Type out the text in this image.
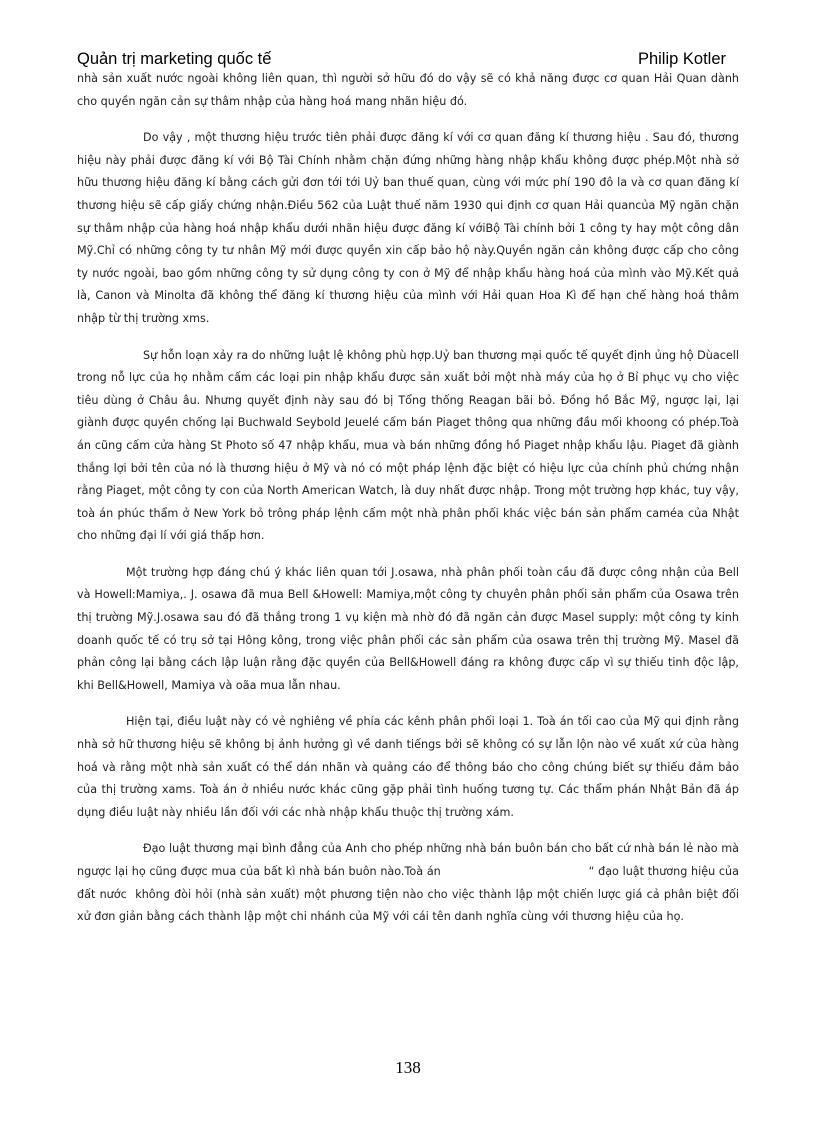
Quản trị marketing quốc tế	Philip Kotler

nhà sản xuất nước ngoài không liên quan, thì người sở hữu đó do vậy sẽ có khả năng được cơ quan Hải Quan dành cho quyền ngăn cản sự thâm nhập của hàng hoá mang nhãn hiệu đó.

Do vậy , một thương hiệu trước tiên phải được đăng kí với cơ quan đăng kí thương hiệu . Sau đó, thương hiệu này phải được đăng kí với Bộ Tài Chính nhằm chặn đứng những hàng nhập khẩu không được phép.Một nhà sở hữu thương hiệu đăng kí bằng cách gửi đơn tới tới Uỷ ban thuế quan, cùng với mức phí 190 đô la và cơ quan đăng kí thương hiệu sẽ cấp giấy chứng nhận.Điều 562 của Luật thuế năm 1930 qui định cơ quan Hải quancủa Mỹ ngăn chặn sự thâm nhập của hàng hoá nhập khẩu dưới nhãn hiệu được đăng kí vớiBộ Tài chính bởi 1 công ty hay một công dân Mỹ.Chỉ có những công ty tư nhân Mỹ mới được quyền xin cấp bảo hộ này.Quyền ngăn cản không được cấp cho công ty nước ngoài, bao gồm những công ty sử dụng công ty con ở Mỹ để nhập khẩu hàng hoá của mình vào Mỹ.Kết quả là, Canon và Minolta đã không thể đăng kí thương hiệu của mình với Hải quan Hoa Kì để hạn chế hàng hoá thâm nhập từ thị trường xms.

Sự hỗn loạn xảy ra do những luật lệ không phù hợp.Uỷ ban thương mại quốc tế quyết định ủng hộ Dùacell trong nỗ lực của họ nhằm cấm các loại pin nhập khẩu được sản xuất bởi một nhà máy của họ ở Bỉ phục vụ cho việc tiêu dùng ở Châu âu. Nhưng quyết định này sau đó bị Tổng thống Reagan bãi bỏ. Đồng hồ Bắc Mỹ, ngược lại, lại giành được quyền chống lại Buchwald Seybold Jeuelé cấm bán Piaget thông qua những đầu mối khoong có phép.Toà án cũng cấm cửa hàng St Photo số 47 nhập khẩu, mua và bán những đồng hồ Piaget nhập khẩu lậu. Piaget đã giành thắng lợi bởi tên của nó là thương hiệu ở Mỹ và nó có một pháp lệnh đặc biệt có hiệu lực của chính phủ chứng nhận rằng Piaget, một công ty con của North American Watch, là duy nhất được nhập. Trong một trường hợp khác, tuy vậy, toà án phúc thẩm ở New York bỏ trông pháp lệnh cấm một nhà phân phối khác việc bán sản phẩm caméa của Nhật cho những đại lí với giá thấp hơn.

Một trường hợp đáng chú ý khác liên quan tới J.osawa, nhà phân phối toàn cầu đã được công nhận của Bell và Howell:Mamiya,. J. osawa đã mua Bell &Howell: Mamiya,một công ty chuyên phân phối sản phẩm của Osawa trên thị trường Mỹ.J.osawa sau đó đã thắng trong 1 vụ kiện mà nhờ đó đã ngăn cản được Masel supply: một công ty kinh doanh quốc tế có trụ sở tại Hông kông, trong việc phân phối các sản phẩm của osawa trên thị trường Mỹ. Masel đã phản công lại bằng cách lập luận rằng đặc quyền của Bell&Howell đáng ra không được cấp vì sự thiếu tinh độc lập, khi Bell&Howell, Mamiya và oãa mua lẫn nhau.

Hiện tại, điều luật này có vẻ nghiêng về phía các kênh phân phối loại 1. Toà án tối cao của Mỹ qui định rằng nhà sở hữ thương hiệu sẽ không bị ảnh hưởng gì về danh tiếngs bởi sẽ không có sự lẫn lộn nào về xuất xứ của hàng hoá và rằng một nhà sản xuất có thể dán nhãn và quảng cáo để thông báo cho công chúng biết sự thiếu đảm bảo của thị trường xams. Toà án ở nhiều nước khác cũng gặp phải tình huống tương tự. Các thẩm phán Nhật Bản đã áp dụng điều luật này nhiều lần đối với các nhà nhập khẩu thuộc thị trường xám.

Đạo luật thương mại bình đẳng của Anh cho phép những nhà bán buôn bán cho bất cứ nhà bán lẻ nào mà ngược lại họ cũng được mua của bất kì nhà bán buôn nào.Toà án                                        “ đạo luật thương hiệu của đất nước  không đòi hỏi (nhà sản xuất) một phương tiện nào cho việc thành lập một chiến lược giá cả phân biệt đối xử đơn giản bằng cách thành lập một chi nhánh của Mỹ với cái tên danh nghĩa cùng với thương hiệu của họ.

138
